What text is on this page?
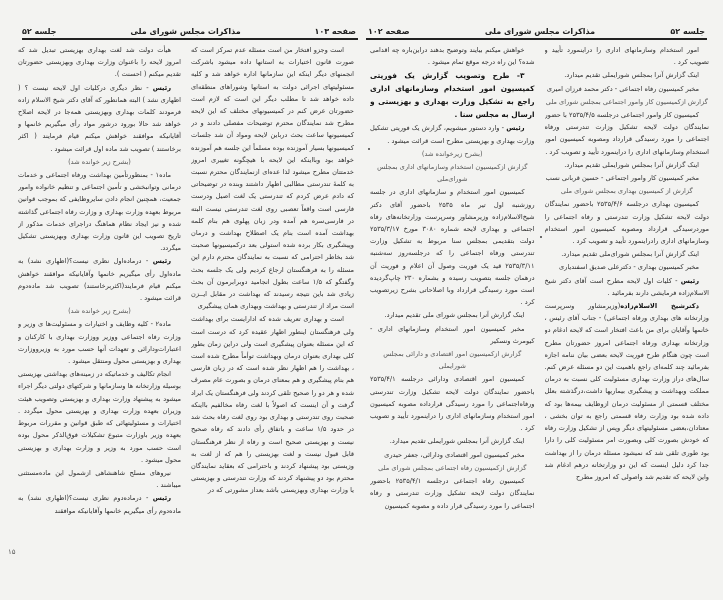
صفحه ۱۰۳
مذاکرات مجلس شورای ملی
جلسه ۵۲

است وجزو افتخار من است مسئله عدم تمرکز است که صورت قانون اختیارات به استانها داده میشود باشرکت انجمنهای دیگر اینکه این سازمانها اداره خواهد شد و کلیه مسئولیتهای اجرائی دولت به استانها وشوراهای منطقه‌ای داده خواهد شد تا مطلب دیگر این است که لازم است حضورتان عرض کنم در کمیسیونهای مختلف که این لایحه مطرح شد نمایندگان محترم توضیحات مفصلی دادند و در کمیسیونها ساعت بحث درباین لایحه ومواد آن شد جلسات کمیسیونها بسیار آموزنده بوده مسلماً این جلسه هم آموزنده خواهد بود وبااینکه این لایحه با هیچگونه تغییری امروز خدمتتان مطرح میشود لذا عده‌ای ازنمایندگان محترم نسبت به کلمهٔ تندرستی مطالبی اظهار داشتند وبنده در توضیحاتی که دادم عرض کردم که تندرستی یک لغت اصیل ودرست فارسی است واقعاً تعصبی روی لغت تندرستی نیست البته در فارسی‌سره هم آمده ودر زبان پهلوی هم بنام کلمه بهداشت آمده است بنام یک اصطلاح بهداشت و درمان وپیشگیری بکار برده شده استولی بعد درکمیسیونها صحبت شد بخاطر احترامی که نسبت به نمایندگان محترم دارم این مسئله را به فرهنگستان ارجاع کردیم ولی یک جلسه بحث وگفتگو که ۱/۵ ساعت بطول انجامید دوبرابرمون آن بحث زیادی شد باین نتیجه رسیدند که بهداشت در مقابل ایــزن است مراد از تندرستی و بهداشت وبهداری همان پیشگیری

است و بهداری تعریف شده که ادارایست برای بهداشت ولی فرهنگستان اینطور اظهار عقیده کرد که درست است که این مسئله بعنوان پیشگیری است ولی دراین زمان بطور کلی بهداری بعنوان درمان وبهداشت توأماً مطرح شده است ، بهداشت را هم اظهار نظر شده است که در زبان فارسی هم بنام پیشگیری و هم بمعنای درمان و بصورت عام مصرف شده و هر دو را صحیح تلقی کردند ولی فرهنگستان یک ایراد گرفت و آن اینست که اصولاً با لغت رفاه مخالفیم بااینکه صحبت روی تندرستی و بهداری بود روی لغت رفاه بحث شد در حدود ۱/۵ ساعت و باتفاق رأی دادند که رفاه صحیح نیست و بهزیستی صحیح است و رفاه از نظر فرهنگستان قابل قبول نیست و لغت بهزیستی را هم که از لغت به وزیستی بود پیشنهاد کردند و باحترامی که بعقاید نمایندگان محترم بود دو پیشنهاد کردند که وزارت تندرستی و بهزیستی یا وزارت بهداری وبهزیستی باشد بعداز مشورتی که در

هیأت دولت شد لغت بهداری بهزیستی تبدیل شد که امروز لایحه را باعنوان وزارت بهداری وبهزیستی حضورتان تقدیم میکنم ( احسنت ).

رئیس - نظر دیگری درکلیات اول لایحه نیست ؟ ( اظهاری نشد ) البته همانطور که آقای دکتر شیخ الاسلام زاده فرمودند کلمات بهداری وبهزیستی همه‌جا در لایحه اصلاح خواهد شد حالا بورود درشور مواد رأی میگیریم خانمها و آقایانیکه موافقند خواهش میکنم قیام فرمایند ( اکثر برخاستند ) تصویب شد ماده اول قرائت میشود .

(بشرح زیر خوانده شد)

ماده۱ - بمنظورتأمین بهداشت ورفاه اجتماعی و خدمات درمانی وتوانبخشی و تأمین اجتماعی و تنظیم خانواده وامور جمعیت، همچنین انجام دادن سایروظایفی که بموجب قوانین مربوط بعهده وزارت بهداری و وزارت رفاه اجتماعی گذاشته شده و نیز ایجاد نظام هماهنگ دراجرای خدمات مذکور از تاریخ تصویب این قانون وزارت بهداری وبهزیستی تشکیل میگردد.

رئیس - درماده‌اول نظری نیست؟(اظهاری نشد) به ماده‌اول رأی میگیریم خانمها وآقایانیکه موافقند خواهش میکنم قیام فرمایند(اکثربرخاستند) تصویب شد ماده‌دوم قرائت میشود .

(بشرح زیر خوانده شد)

ماده۲ - کلیه وظایف و اختیارات و مسئولیت‌ها ی وزیر و وزارت رفاه اجتماعی ووزیر ووزارت بهداری با کارکنان و اعتبارات‌ودارائی و تعهدات آنها حسب مورد به وزیرووزارت بهداری و بهزیستی محول ومنتقل میشود .

انجام تکالیف و خدماتیکه در زمینه‌های بهداشتی بهزیستی بوسیله وزارتخانه ها وسازمانها و شرکتهای دولتی دیگر اجراء میشود به پیشنهاد وزارت بهداری و بهزیستی وتصویب هیئت وزیران بعهده وزارت بهداری و بهزیستی محول میگردد . اختیارات و مسئولیتهائی که طبق قوانین و مقررات مربوط بعهده وزیر باوزارت متبوع تشکیلات فوق‌الذکر محول بوده است حسب مورد به وزیر و وزارت بهداری و بهزیستی محول میشود .

نیروهای مسلح شاهنشاهی ازشمول این ماده‌مستثنی میباشند .

رئیس - درماده‌دوم نظری نیست؟(اظهاری نشد) به ماده‌دوم رأی میگیریم خانمها وآقایانیکه موافقند

۱۵
جلسه ۵۲
مذاکرات مجلس شورای ملی
صفحه ۱۰۲

امور استخدام وسازمانهای اداری را دراینمورد تأیید و تصویب کرد .

اینک گزارش آنرا بمجلس شورایملی تقدیم میدارد.

مخبر کمیسیون رفاه اجتماعی - دکتر محمد فرزان امیری

گزارش ازکمیسیون کار وامور اجتماعی بمجلس شورای ملی

کمیسیون کار وامور اجتماعی درجلسه ۲۵۳۵/۴/۵ با حضور نمایندگان دولت لایحه تشکیل وزارت تندرستی ورفاه اجتماعی را مورد رسیدگی قرارداد ومصوبه کمیسیون امور استخدام وسازمانهای اداری را دراینمورد تأیید و تصویب کرد .

اینک گزارش آنرا بمجلس شورایملی تقدیم میدارد.

مخبر کمیسیون کار وامور اجتماعی - حسین قربانی نسب

گزارش از کمیسیون بهداری بمجلس شورای ملی

کمیسیون بهداری درجلسه ۲۵۳۵/۴/۶ باحضور نمایندگان دولت لایحه تشکیل وزارت تندرستی و رفاه اجتماعی را موردرسیدگی قرارداد ومصوبه کمیسیون امور استخدام وسازمانهای اداری رادراینمورد تأیید و تصویب کرد .

اینک گزارش آنرا بمجلس شورای‌ملی تقدیم میدارد.

مخبر کمیسیون بهداری - دکترعلی صدیق اسفندیاری

رئیس - کلیات اول لایحه مطرح است آقای دکتر شیخ الاسلام‌زاده فرمایشی دارند بفرمائید .

دکترشیخ الاسلام‌زاده(وزیرمشاور وسرپرست وزارتخانه های بهداری ورفاه اجتماعی) - جناب آقای رئیس ، خانمها وآقایان برای من باعث افتخار است که لایحه ادغام دو وزارتخانه بهداری ورفاه اجتماعی امروز حضورتان مطرح است چون هنگام طرح فوریت لایحه بعضی بیان ننامه اجازه بفرمائید چند کلمه‌ای راجع باهمیت این دو مسئله عرض کنم. سال‌های دراز وزارت بهداری مسئولیت کلی نسبت به درمان مملکت وبهداشت و پیشگیری بیماریها داشت،درگذشته بعلل مختلف قسمتی از مسئولیت درمان ازوظایف بیمه‌ها بود که داده شده بود وزارت رفاه قسمتی راجع به توان بخشی ، معتادان،بعضی مسئولیتهای دیگر وپس از تشکیل وزارت رفاه که خودش بصورت کلی وبصورت امر مسئولیت کلی را دارا بود طوری تلقی شد که نمیشود مسئله درمان را از بهداشت جدا کرد دلیل اینست که این دو وزارتخانه درهم ادغام شد واین لایحه که تقدیم شد واصولی که امروز مطرح

خواهش میکنم بیایند وتوضیح بدهند دراین‌باره چه اقدامی شده؟ این راه درجه موقع تمام میشود .

۳- طرح وتصویب گزارش یک فوریتی کمیسیون امور استخدام وسازمانهای اداری راجع به تشکیل وزارت بهداری و بهزیستی و ارسال به مجلس سنا .

رئیس - وارد دستور میشویم، گزارش یک فوریتی تشکیل وزارت بهداری و بهزیستی مطرح است قرائت میشود .

(بشرح زیرخوانده شد)

گزارش ازکمیسیون استخدام وسازمانهای اداری بمجلس شورای‌ملی

کمیسیون امور استخدام و سازمانهای اداری در جلسه روزشنبه اول تیر ماه ۲۵۳۵ باحضور آقای دکتر شیخ‌الاسلام‌زاده وزیرمشاور وسرپرست وزارتخانه‌های رفاه اجتماعی و بهداری لایحه شماره ۳۰۸۰ مورخ ۲۵۳۵/۳/۱۷ دولت بتقدیمی بمجلس سنا مربوط به تشکیل وزارت تندرستی ورفاه اجتماعی را که درجلسه‌روز سه‌شنبه ۲۵۳۵/۳/۱۱ قید یک فوریت وصول آن اعلام و فوریت آن درهمان جلسه بتصویب رسیده و بشماره ۲۳۰ چاپ‌گردیده است مورد رسیدگی قرارداد وبا اصلاحاتی بشرح زیرتصویب کرد .

اینک گزارش آنرا بمجلس شورای ملی تقدیم میدارد.

مخبر کمیسیون امور استخدام وسازمانهای اداری - کیومرث ونسکیر

گزارش ازکمیسیون امور اقتصادی و دارائی بمجلس شورایملی

کمیسیون امور اقتصادی ودارائی درجلسه ۲۵۳۵/۴/۱ باحضور نمایندگان دولت لایحه تشکیل وزارت تندرستی ورفاه‌اجتماعی را مورد رسیدگی قرارداده مصوبه کمیسیون امور استخدام وسازمانهای اداری را دراینمورد تأیید و تصویب کرد .

اینک گزارش آنرا بمجلس شورایملی تقدیم میدارد.

مخبر کمیسیون امور اقتصادی ودارائی، جعفر حیدری

گزارش ازکمیسیون رفاه اجتماعی بمجلس شورای ملی

کمیسیون رفاه اجتماعی درجلسه ۲۵۳۵/۴/۱ باحضور نمایندگان دولت لایحه تشکیل وزارت تندرستی و رفاه اجتماعی را مورد رسیدگی قرار داده و مصوبه کمیسیون
